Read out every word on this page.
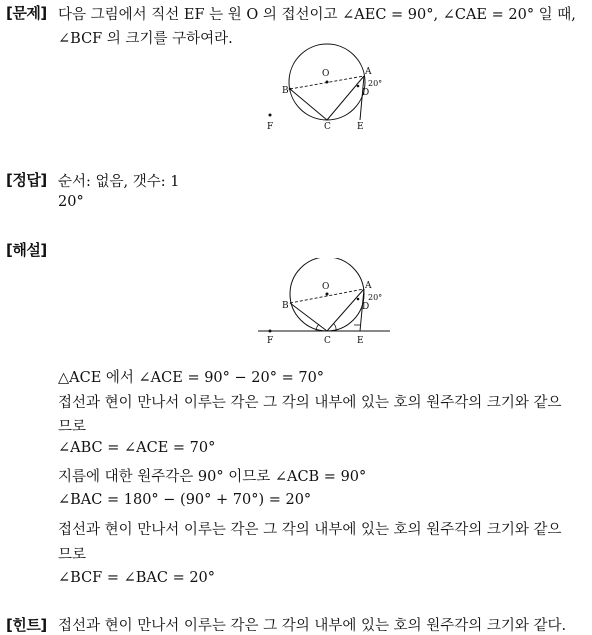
[문제] 다음 그림에서 직선 EF 는 원 O 의 접선이고 ∠AEC = 90°, ∠CAE = 20° 일 때,
∠BCF 의 크기를 구하여라.
O	A
B	D
20°
F	C	E
[정답] 순서: 없음, 갯수: 1
20°
[해설]
O	A
B	D
20°
F	C	E
△ACE 에서 ∠ACE = 90° − 20° = 70°
접선과 현이 만나서 이루는 각은 그 각의 내부에 있는 호의 원주각의 크기와 같으
므로
∠ABC = ∠ACE = 70°
지름에 대한 원주각은 90° 이므로 ∠ACB = 90°
∠BAC = 180° − (90° + 70°) = 20°
접선과 현이 만나서 이루는 각은 그 각의 내부에 있는 호의 원주각의 크기와 같으
므로
∠BCF = ∠BAC = 20°
[힌트] 접선과 현이 만나서 이루는 각은 그 각의 내부에 있는 호의 원주각의 크기와 같다.
